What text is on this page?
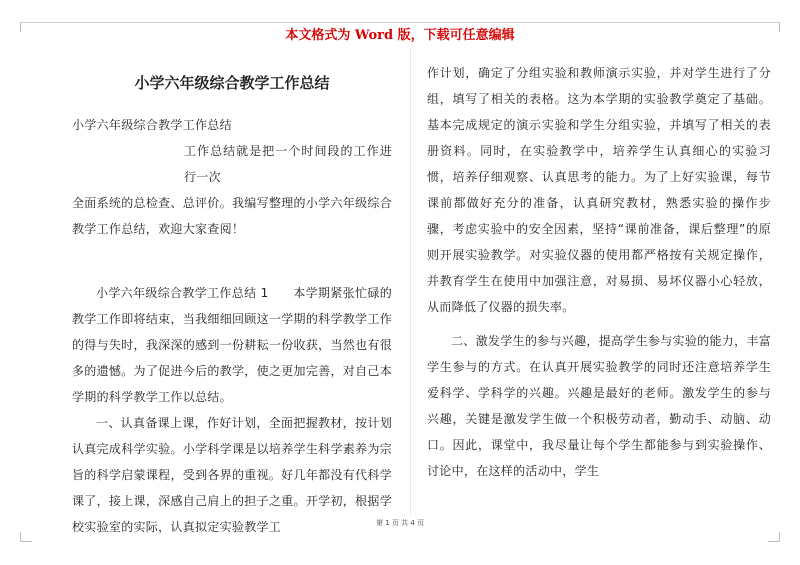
本文格式为 Word 版，下载可任意编辑
小学六年级综合教学工作总结

小学六年级综合教学工作总结

工作总结就是把一个时间段的工作进行一次

全面系统的总检查、总评价。我编写整理的小学六年级综合教学工作总结，欢迎大家查阅！

小学六年级综合教学工作总结 1　　本学期紧张忙碌的教学工作即将结束，当我细细回顾这一学期的科学教学工作的得与失时，我深深的感到一份耕耘一份收获，当然也有很多的遗憾。为了促进今后的教学，使之更加完善，对自己本学期的科学教学工作以总结。

一、认真备课上课，作好计划，全面把握教材，按计划认真完成科学实验。小学科学课是以培养学生科学素养为宗旨的科学启蒙课程，受到各界的重视。好几年都没有代科学课了，接上课，深感自己肩上的担子之重。开学初，根据学校实验室的实际，认真拟定实验教学工

作计划，确定了分组实验和教师演示实验，并对学生进行了分组，填写了相关的表格。这为本学期的实验教学奠定了基础。基本完成规定的演示实验和学生分组实验，并填写了相关的表册资料。同时，在实验教学中，培养学生认真细心的实验习惯，培养仔细观察、认真思考的能力。为了上好实验课，每节课前都做好充分的准备，认真研究教材，熟悉实验的操作步骤，考虑实验中的安全因素，坚持“课前准备，课后整理”的原则开展实验教学。对实验仪器的使用都严格按有关规定操作，并教育学生在使用中加强注意，对易损、易坏仪器小心轻放，从而降低了仪器的损失率。

二、激发学生的参与兴趣，提高学生参与实验的能力，丰富学生参与的方式。在认真开展实验教学的同时还注意培养学生爱科学、学科学的兴趣。兴趣是最好的老师。激发学生的参与兴趣，关键是激发学生做一个积极劳动者，勤动手、动脑、动口。因此，课堂中，我尽量让每个学生都能参与到实验操作、讨论中，在这样的活动中，学生

第 1 页 共 4 页
